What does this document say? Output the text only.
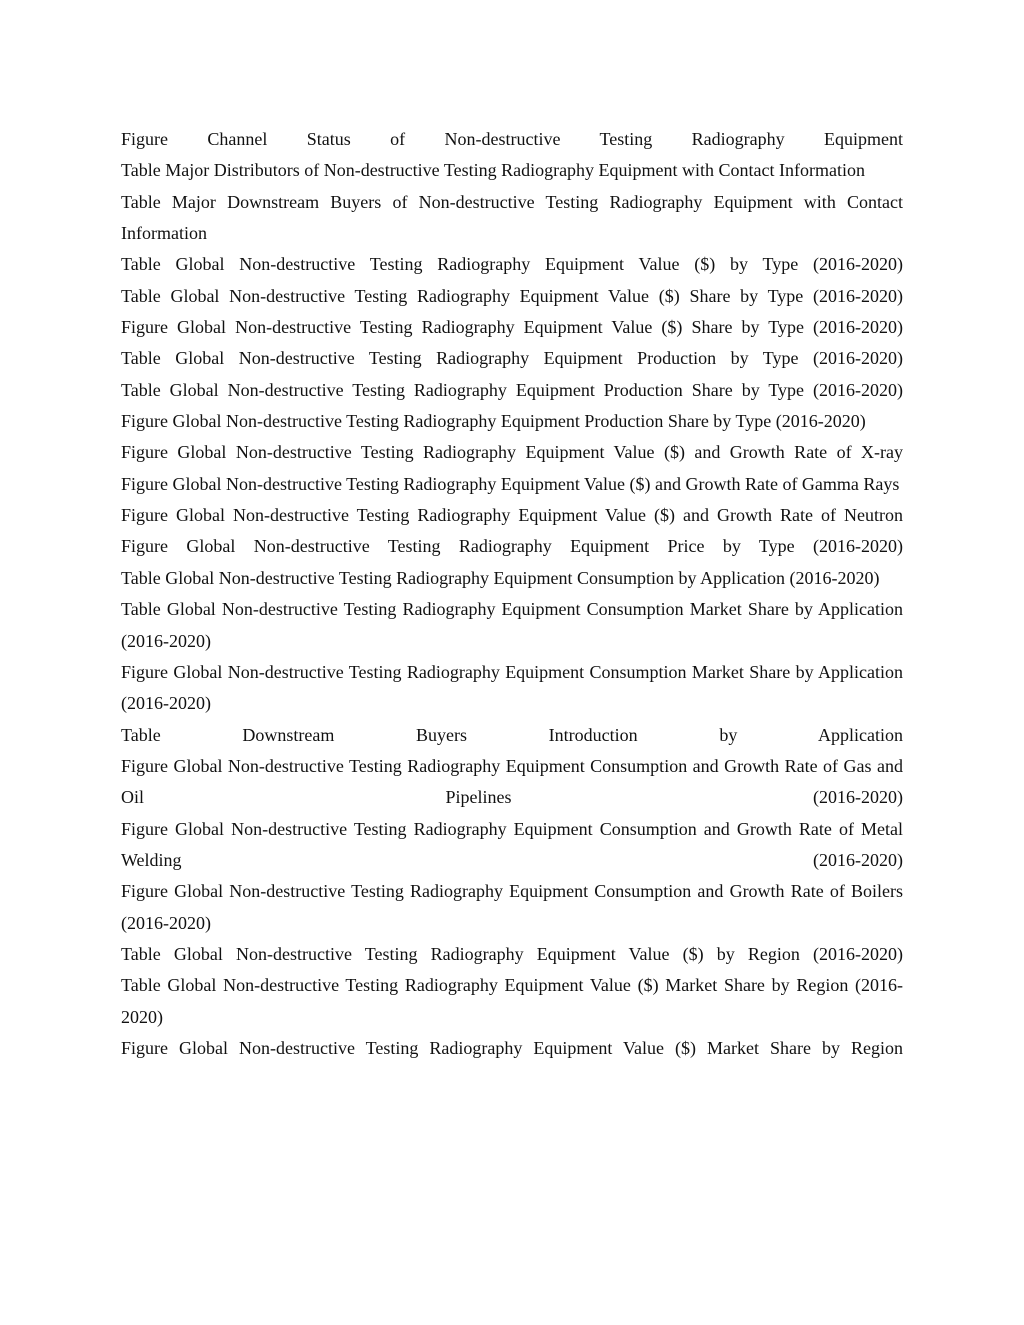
Figure Channel Status of Non-destructive Testing Radiography Equipment

Table Major Distributors of Non-destructive Testing Radiography Equipment with Contact Information

Table Major Downstream Buyers of Non-destructive Testing Radiography Equipment with Contact Information

Table Global Non-destructive Testing Radiography Equipment Value ($) by Type (2016-2020)

Table Global Non-destructive Testing Radiography Equipment Value ($) Share by Type (2016-2020)

Figure Global Non-destructive Testing Radiography Equipment Value ($) Share by Type (2016-2020)

Table Global Non-destructive Testing Radiography Equipment Production by Type (2016-2020)

Table Global Non-destructive Testing Radiography Equipment Production Share by Type (2016-2020)

Figure Global Non-destructive Testing Radiography Equipment Production Share by Type (2016-2020)

Figure Global Non-destructive Testing Radiography Equipment Value ($) and Growth Rate of X-ray

Figure Global Non-destructive Testing Radiography Equipment Value ($) and Growth Rate of Gamma Rays

Figure Global Non-destructive Testing Radiography Equipment Value ($) and Growth Rate of Neutron

Figure Global Non-destructive Testing Radiography Equipment Price by Type (2016-2020)

Table Global Non-destructive Testing Radiography Equipment Consumption by Application (2016-2020)

Table Global Non-destructive Testing Radiography Equipment Consumption Market Share by Application (2016-2020)

Figure Global Non-destructive Testing Radiography Equipment Consumption Market Share by Application (2016-2020)

Table Downstream Buyers Introduction by Application

Figure Global Non-destructive Testing Radiography Equipment Consumption and Growth Rate of Gas and Oil Pipelines (2016-2020)

Figure Global Non-destructive Testing Radiography Equipment Consumption and Growth Rate of Metal Welding (2016-2020)

Figure Global Non-destructive Testing Radiography Equipment Consumption and Growth Rate of Boilers (2016-2020)

Table Global Non-destructive Testing Radiography Equipment Value ($) by Region (2016-2020)

Table Global Non-destructive Testing Radiography Equipment Value ($) Market Share by Region (2016-2020)

Figure Global Non-destructive Testing Radiography Equipment Value ($) Market Share by Region
